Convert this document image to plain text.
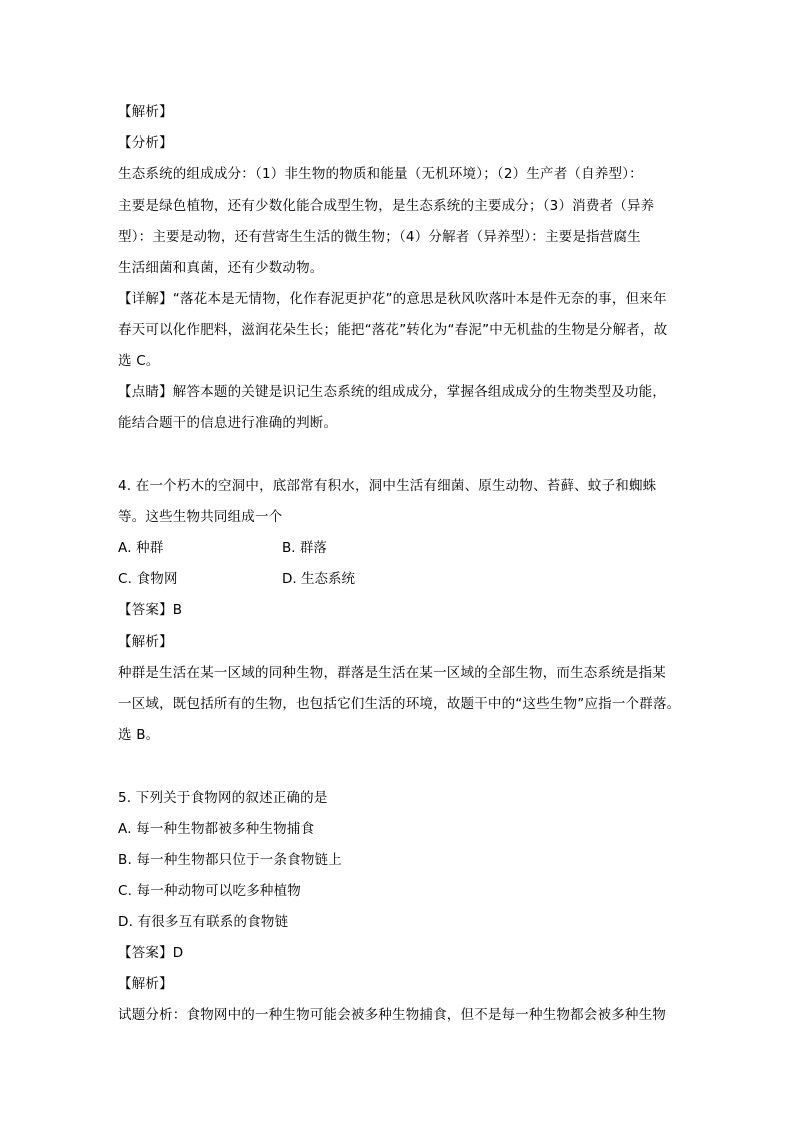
【解析】
【分析】
生态系统的组成成分：（1）非生物的物质和能量（无机环境）；（2）生产者（自养型）：
主要是绿色植物，还有少数化能合成型生物，是生态系统的主要成分；（3）消费者（异养
型）：主要是动物，还有营寄生生活的微生物；（4）分解者（异养型）：主要是指营腐生
生活细菌和真菌，还有少数动物。
【详解】“落花本是无情物，化作春泥更护花”的意思是秋风吹落叶本是件无奈的事，但来年
春天可以化作肥料，滋润花朵生长；能把“落花”转化为“春泥”中无机盐的生物是分解者，故
选 C。
【点睛】解答本题的关键是识记生态系统的组成成分，掌握各组成成分的生物类型及功能，
能结合题干的信息进行准确的判断。
4. 在一个朽木的空洞中，底部常有积水，洞中生活有细菌、原生动物、苔藓、蚊子和蜘蛛
等。这些生物共同组成一个
A. 种群	B. 群落
C. 食物网	D. 生态系统
【答案】B
【解析】
种群是生活在某一区域的同种生物，群落是生活在某一区域的全部生物，而生态系统是指某
一区域，既包括所有的生物，也包括它们生活的环境，故题干中的“这些生物”应指一个群落。
选 B。
5. 下列关于食物网的叙述正确的是
A. 每一种生物都被多种生物捕食
B. 每一种生物都只位于一条食物链上
C. 每一种动物可以吃多种植物
D. 有很多互有联系的食物链
【答案】D
【解析】
试题分析：食物网中的一种生物可能会被多种生物捕食，但不是每一种生物都会被多种生物
